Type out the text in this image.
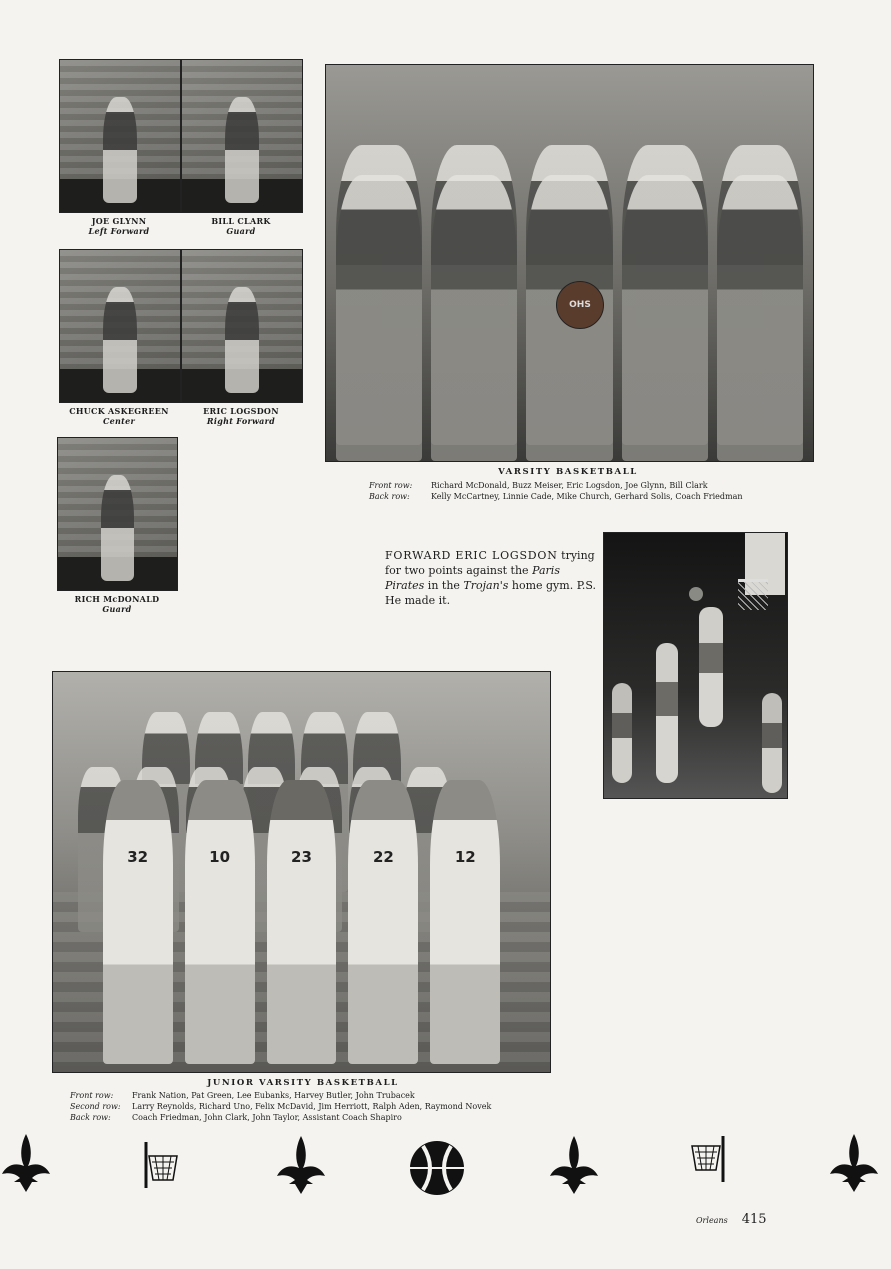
JOE GLYNN
Left Forward
BILL CLARK
Guard
CHUCK ASKEGREEN
Center
ERIC LOGSDON
Right Forward
RICH McDONALD
Guard
OHS
VARSITY BASKETBALL
Front row: Richard McDonald, Buzz Meiser, Eric Logsdon, Joe Glynn, Bill Clark
Back row:	Kelly McCartney, Linnie Cade, Mike Church, Gerhard Solis, Coach Friedman
FORWARD ERIC LOGSDON trying for two points against the Paris Pirates in the Trojan's home gym. P.S. He made it.
32	10	23	22	12
JUNIOR VARSITY BASKETBALL
Front row: Frank Nation, Pat Green, Lee Eubanks, Harvey Butler, John Trubacek
Second row: Larry Reynolds, Richard Uno, Felix McDavid, Jim Herriott, Ralph Aden, Raymond Novek
Back row:	Coach Friedman, John Clark, John Taylor, Assistant Coach Shapiro
Orleans 415
